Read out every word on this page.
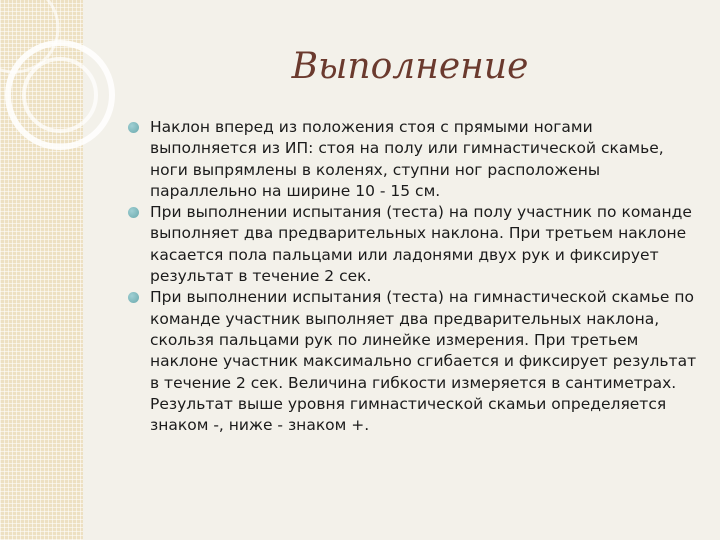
Выполнение
Наклон вперед из положения стоя с прямыми ногами выполняется из ИП: стоя на полу или гимнастической скамье, ноги выпрямлены в коленях, ступни ног расположены параллельно на ширине 10 - 15 см.
При выполнении испытания (теста) на полу участник по команде выполняет два предварительных наклона. При третьем наклоне касается пола пальцами или ладонями двух рук и фиксирует результат в течение 2 сек.
При выполнении испытания (теста) на гимнастической скамье по команде участник выполняет два предварительных наклона, скользя пальцами рук по линейке измерения. При третьем наклоне участник максимально сгибается и фиксирует результат в течение 2 сек. Величина гибкости измеряется в сантиметрах. Результат выше уровня гимнастической скамьи определяется знаком -, ниже - знаком +.
